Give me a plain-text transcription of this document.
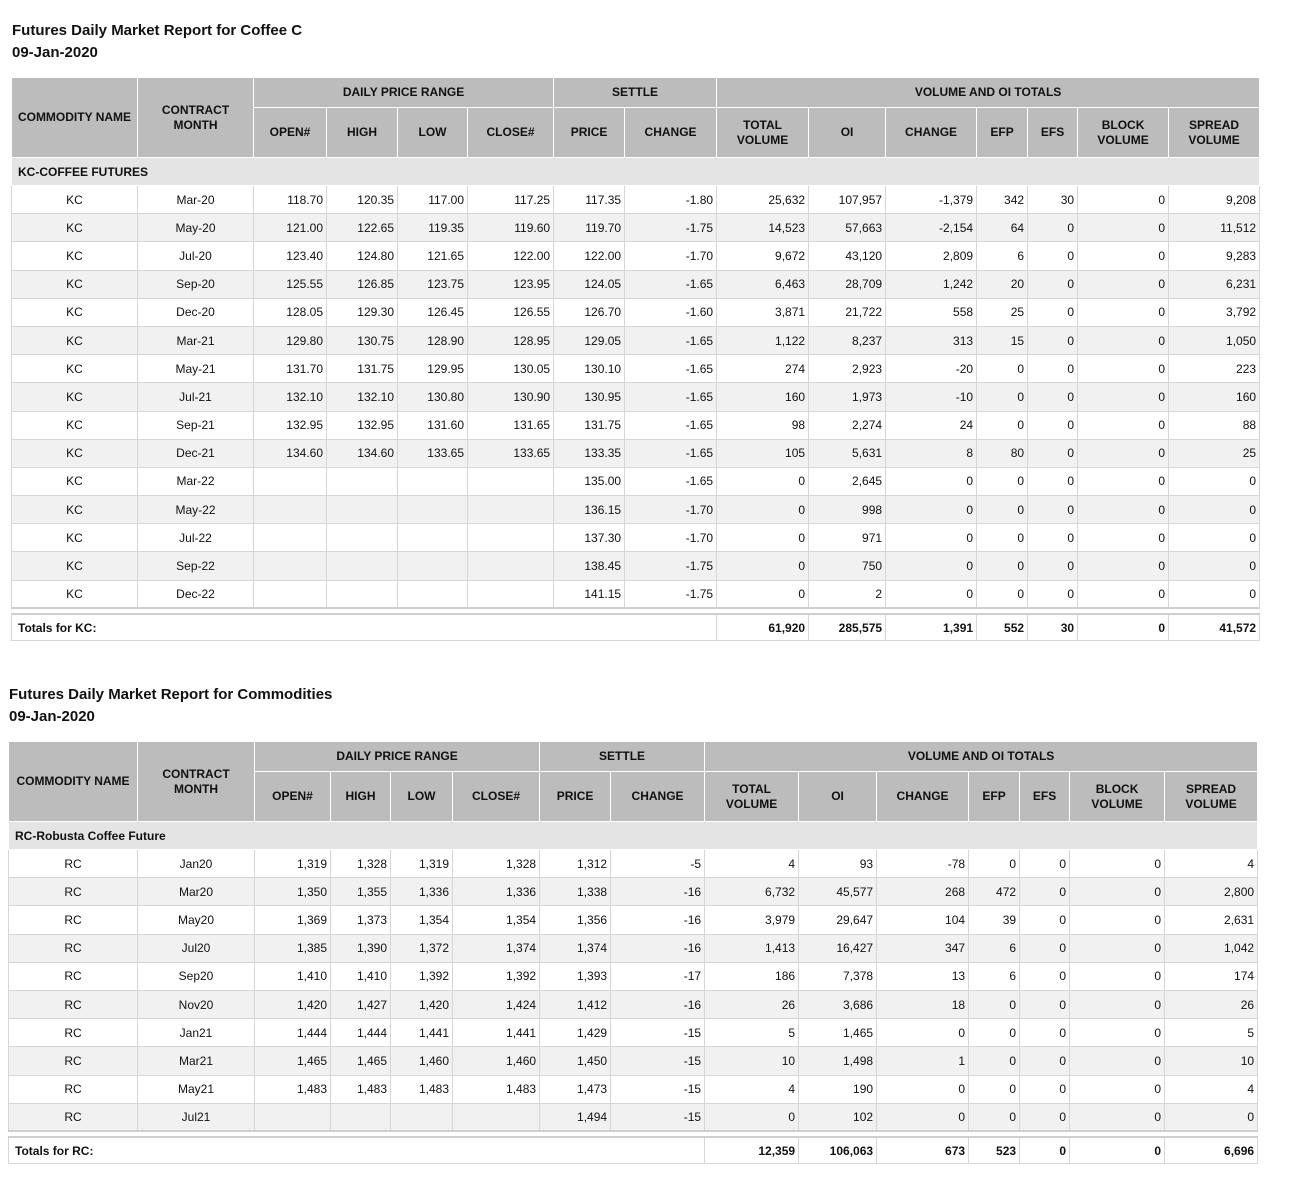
Futures Daily Market Report for Coffee C
09-Jan-2020
COMMODITY NAME	CONTRACT MONTH	DAILY PRICE RANGE				SETTLE		VOLUME AND OI TOTALS						
		OPEN#	HIGH	LOW	CLOSE#	PRICE	CHANGE	TOTAL VOLUME	OI	CHANGE	EFP	EFS	BLOCK VOLUME	SPREAD VOLUME
KC-COFFEE FUTURES														
KC	Mar-20	118.70	120.35	117.00	117.25	117.35	-1.80	25,632	107,957	-1,379	342	30	0	9,208
KC	May-20	121.00	122.65	119.35	119.60	119.70	-1.75	14,523	57,663	-2,154	64	0	0	11,512
KC	Jul-20	123.40	124.80	121.65	122.00	122.00	-1.70	9,672	43,120	2,809	6	0	0	9,283
KC	Sep-20	125.55	126.85	123.75	123.95	124.05	-1.65	6,463	28,709	1,242	20	0	0	6,231
KC	Dec-20	128.05	129.30	126.45	126.55	126.70	-1.60	3,871	21,722	558	25	0	0	3,792
KC	Mar-21	129.80	130.75	128.90	128.95	129.05	-1.65	1,122	8,237	313	15	0	0	1,050
KC	May-21	131.70	131.75	129.95	130.05	130.10	-1.65	274	2,923	-20	0	0	0	223
KC	Jul-21	132.10	132.10	130.80	130.90	130.95	-1.65	160	1,973	-10	0	0	0	160
KC	Sep-21	132.95	132.95	131.60	131.65	131.75	-1.65	98	2,274	24	0	0	0	88
KC	Dec-21	134.60	134.60	133.65	133.65	133.35	-1.65	105	5,631	8	80	0	0	25
KC	Mar-22					135.00	-1.65	0	2,645	0	0	0	0	0
KC	May-22					136.15	-1.70	0	998	0	0	0	0	0
KC	Jul-22					137.30	-1.70	0	971	0	0	0	0	0
KC	Sep-22					138.45	-1.75	0	750	0	0	0	0	0
KC	Dec-22					141.15	-1.75	0	2	0	0	0	0	0

Totals for KC:								61,920	285,575	1,391	552	30	0	41,572
Futures Daily Market Report for Commodities
09-Jan-2020
COMMODITY NAME	CONTRACT MONTH	DAILY PRICE RANGE				SETTLE		VOLUME AND OI TOTALS						
		OPEN#	HIGH	LOW	CLOSE#	PRICE	CHANGE	TOTAL VOLUME	OI	CHANGE	EFP	EFS	BLOCK VOLUME	SPREAD VOLUME
RC-Robusta Coffee Future														
RC	Jan20	1,319	1,328	1,319	1,328	1,312	-5	4	93	-78	0	0	0	4
RC	Mar20	1,350	1,355	1,336	1,336	1,338	-16	6,732	45,577	268	472	0	0	2,800
RC	May20	1,369	1,373	1,354	1,354	1,356	-16	3,979	29,647	104	39	0	0	2,631
RC	Jul20	1,385	1,390	1,372	1,374	1,374	-16	1,413	16,427	347	6	0	0	1,042
RC	Sep20	1,410	1,410	1,392	1,392	1,393	-17	186	7,378	13	6	0	0	174
RC	Nov20	1,420	1,427	1,420	1,424	1,412	-16	26	3,686	18	0	0	0	26
RC	Jan21	1,444	1,444	1,441	1,441	1,429	-15	5	1,465	0	0	0	0	5
RC	Mar21	1,465	1,465	1,460	1,460	1,450	-15	10	1,498	1	0	0	0	10
RC	May21	1,483	1,483	1,483	1,483	1,473	-15	4	190	0	0	0	0	4
RC	Jul21					1,494	-15	0	102	0	0	0	0	0

Totals for RC:								12,359	106,063	673	523	0	0	6,696
